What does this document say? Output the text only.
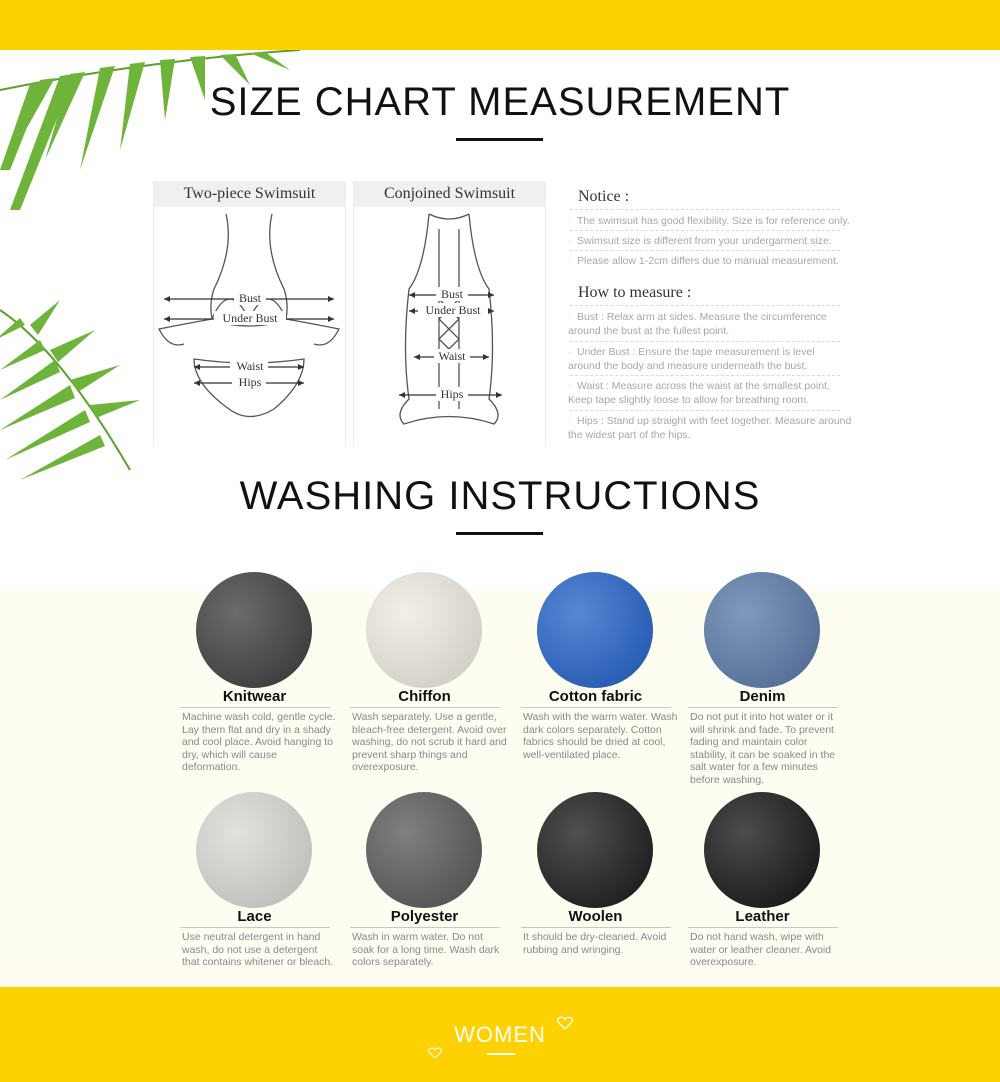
SIZE CHART MEASUREMENT
Two-piece Swimsuit
Bust
Under Bust
Waist
Hips
Conjoined Swimsuit
Bust
Under Bust
Waist
Hips
Notice :
· The swimsuit has good flexibility. Size is for reference only.
· Swimsuit size is different from your undergarment size.
· Please allow 1-2cm differs due to manual measurement.
How to measure :
· Bust : Relax arm at sides. Measure the circumference around the bust at the fullest point.
· Under Bust : Ensure the tape measurement is level around the body and measure underneath the bust.
· Waist : Measure across the waist at the smallest point. Keep tape slightly loose to allow for breathing room.
· Hips : Stand up straight with feet together. Measure around the widest part of the hips.
WASHING INSTRUCTIONS
Knitwear
Machine wash cold, gentle cycle. Lay them flat and dry in a shady and cool place. Avoid hanging to dry, which will cause deformation.
Chiffon
Wash separately. Use a gentle, bleach-free detergent. Avoid over washing, do not scrub it hard and prevent sharp things and overexposure.
Cotton fabric
Wash with the warm water. Wash dark colors separately. Cotton fabrics should be dried at cool, well-ventilated place.
Denim
Do not put it into hot water or it will shrink and fade. To prevent fading and maintain color stability, it can be soaked in the salt water for a few minutes before washing.
Lace
Use neutral detergent in hand wash, do not use a detergent that contains whitener or bleach.
Polyester
Wash in warm water. Do not soak for a long time. Wash dark colors separately.
Woolen
It should be dry-cleaned. Avoid rubbing and wringing.
Leather
Do not hand wash, wipe with water or leather cleaner. Avoid overexposure.
WOMEN
